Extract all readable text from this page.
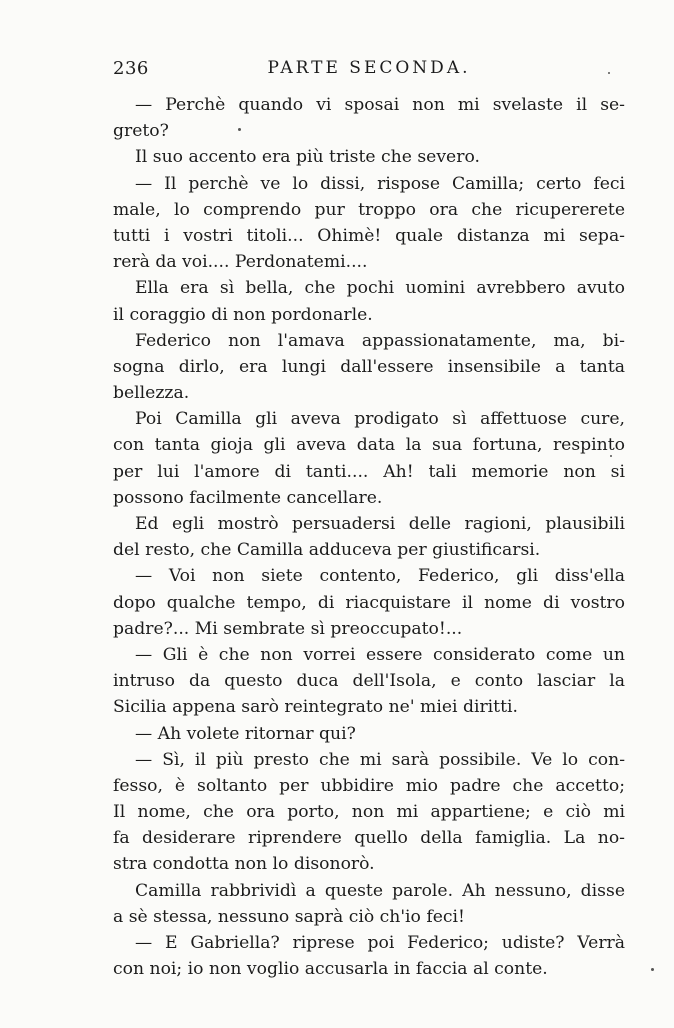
236	PARTE SECONDA.
— Perchè quando vi sposai non mi svelaste il se-
greto?
Il suo accento era più triste che severo.
— Il perchè ve lo dissi, rispose Camilla; certo feci
male, lo comprendo pur troppo ora che ricupererete
tutti i vostri titoli... Ohimè! quale distanza mi sepa-
rerà da voi.... Perdonatemi....
Ella era sì bella, che pochi uomini avrebbero avuto
il coraggio di non pordonarle.
Federico non l'amava appassionatamente, ma, bi-
sogna dirlo, era lungi dall'essere insensibile a tanta
bellezza.
Poi Camilla gli aveva prodigato sì affettuose cure,
con tanta gioja gli aveva data la sua fortuna, respinto
per lui l'amore di tanti.... Ah! tali memorie non si
possono facilmente cancellare.
Ed egli mostrò persuadersi delle ragioni, plausibili
del resto, che Camilla adduceva per giustificarsi.
— Voi non siete contento, Federico, gli diss'ella
dopo qualche tempo, di riacquistare il nome di vostro
padre?... Mi sembrate sì preoccupato!...
— Gli è che non vorrei essere considerato come un
intruso da questo duca dell'Isola, e conto lasciar la
Sicilia appena sarò reintegrato ne' miei diritti.
— Ah volete ritornar qui?
— Sì, il più presto che mi sarà possibile. Ve lo con-
fesso, è soltanto per ubbidire mio padre che accetto;
Il nome, che ora porto, non mi appartiene; e ciò mi
fa desiderare riprendere quello della famiglia. La no-
stra condotta non lo disonorò.
Camilla rabbrividì a queste parole. Ah nessuno, disse
a sè stessa, nessuno saprà ciò ch'io feci!
— E Gabriella? riprese poi Federico; udiste? Verrà
con noi; io non voglio accusarla in faccia al conte.
